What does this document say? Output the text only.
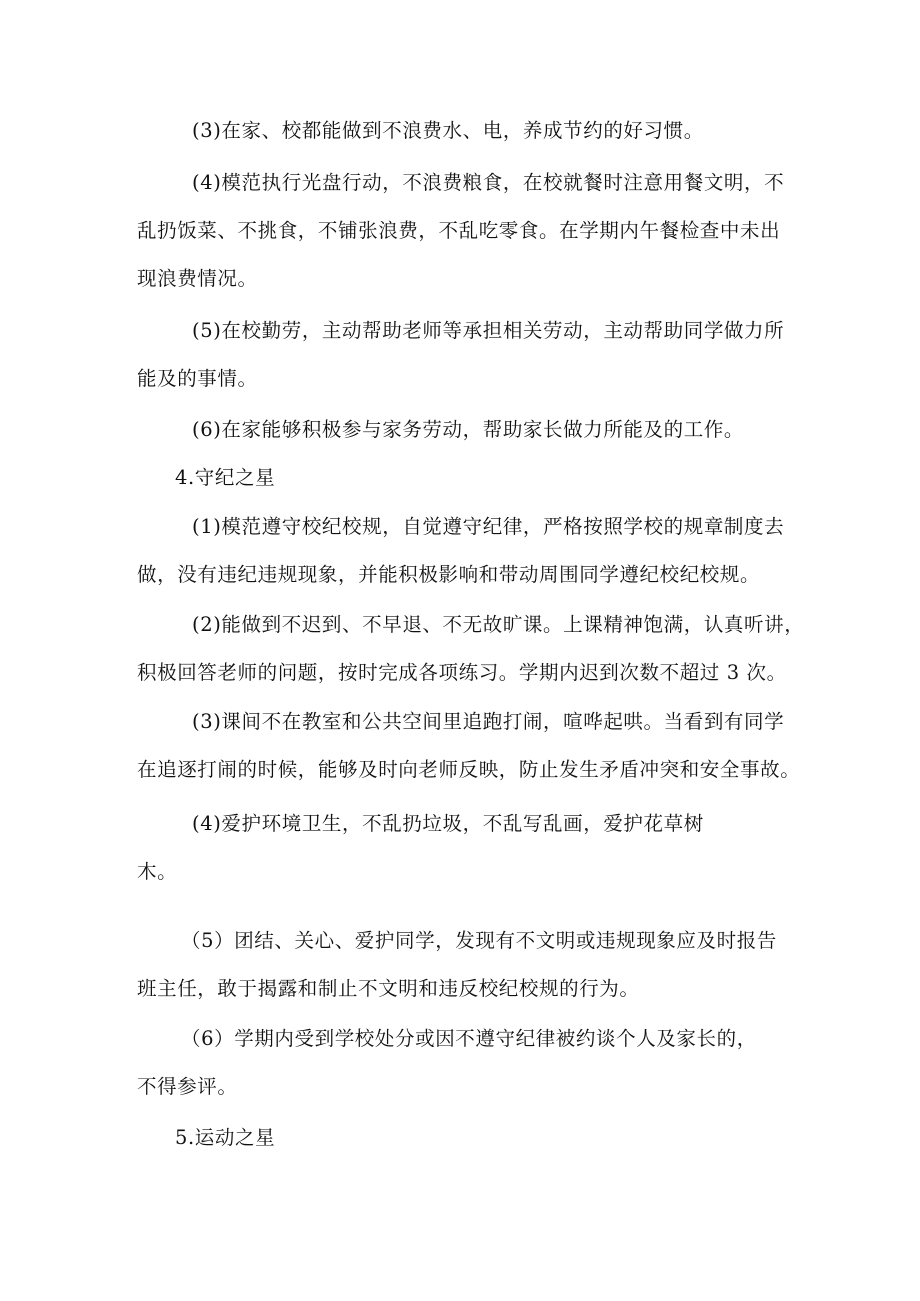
(3)在家、校都能做到不浪费水、电，养成节约的好习惯。
(4)模范执行光盘行动，不浪费粮食，在校就餐时注意用餐文明，不
乱扔饭菜、不挑食，不铺张浪费，不乱吃零食。在学期内午餐检查中未出
现浪费情况。
(5)在校勤劳，主动帮助老师等承担相关劳动，主动帮助同学做力所
能及的事情。
(6)在家能够积极参与家务劳动，帮助家长做力所能及的工作。
4.守纪之星
(1)模范遵守校纪校规，自觉遵守纪律，严格按照学校的规章制度去
做，没有违纪违规现象，并能积极影响和带动周围同学遵纪校纪校规。
(2)能做到不迟到、不早退、不无故旷课。上课精神饱满，认真听讲，
积极回答老师的问题，按时完成各项练习。学期内迟到次数不超过 3 次。
(3)课间不在教室和公共空间里追跑打闹，喧哗起哄。当看到有同学
在追逐打闹的时候，能够及时向老师反映，防止发生矛盾冲突和安全事故。
(4)爱护环境卫生，不乱扔垃圾，不乱写乱画，爱护花草树
木。
（5）团结、关心、爱护同学，发现有不文明或违规现象应及时报告
班主任，敢于揭露和制止不文明和违反校纪校规的行为。
（6）学期内受到学校处分或因不遵守纪律被约谈个人及家长的，
不得参评。
5.运动之星
